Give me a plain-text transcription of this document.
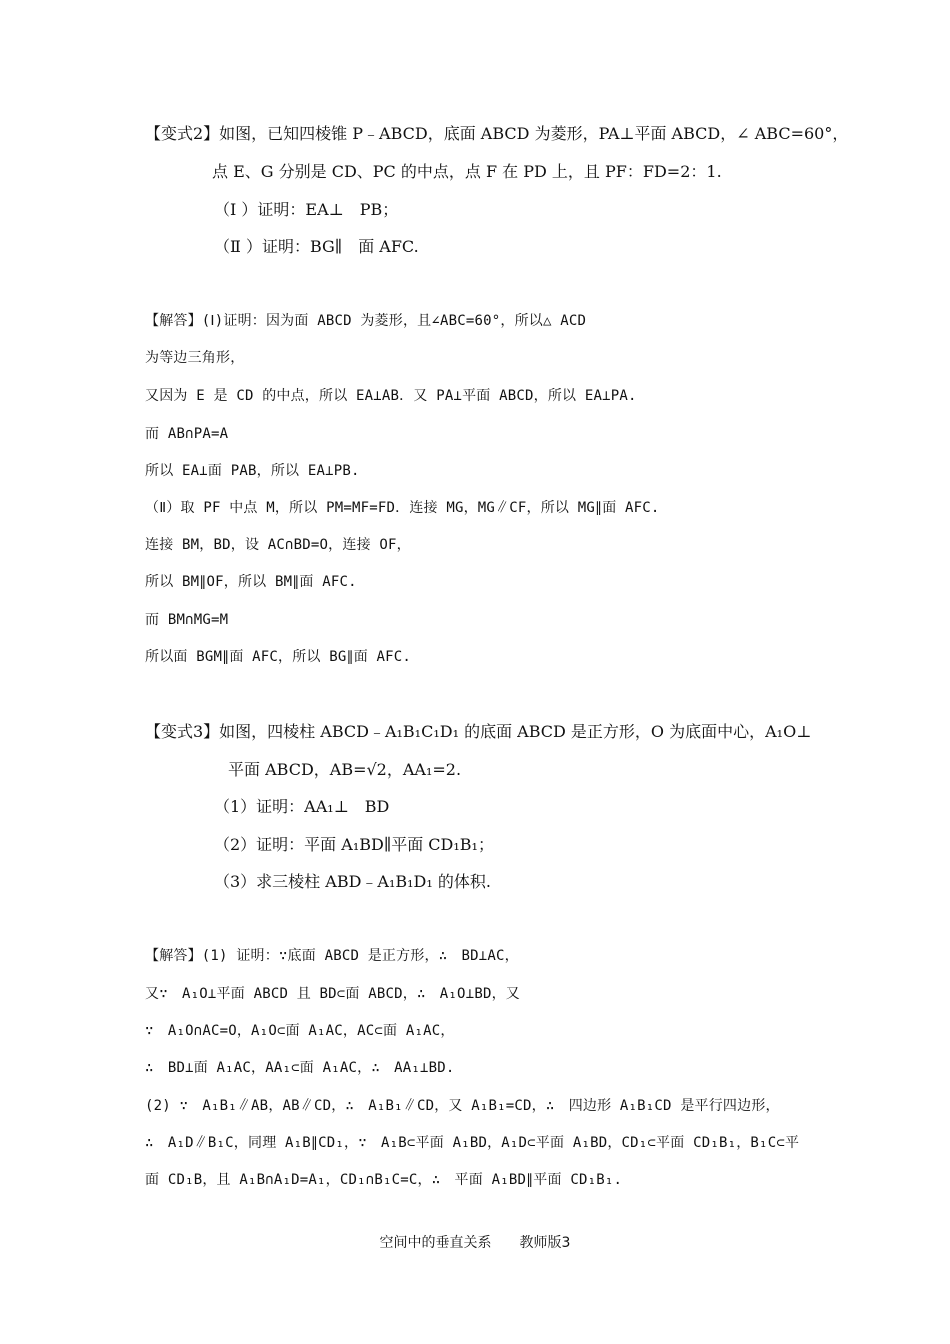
【变式2】如图，已知四棱锥 P﹣ABCD，底面 ABCD 为菱形，PA⊥平面 ABCD，∠ ABC=60°，
点 E、G 分别是 CD、PC 的中点，点 F 在 PD 上，且 PF：FD=2：1.
（Ⅰ ）证明：EA⊥　PB；
（Ⅱ ）证明：BG∥　面 AFC.
【解答】(Ⅰ)证明：因为面 ABCD 为菱形，且∠ABC=60°，所以△ ACD
为等边三角形，
又因为 E 是 CD 的中点，所以 EA⊥AB．又 PA⊥平面 ABCD，所以 EA⊥PA.
而 AB∩PA=A
所以 EA⊥面 PAB，所以 EA⊥PB.
（Ⅱ）取 PF 中点 M，所以 PM=MF=FD．连接 MG，MG∥CF，所以 MG∥面 AFC.
连接 BM，BD，设 AC∩BD=O，连接 OF，
所以 BM∥OF，所以 BM∥面 AFC.
而 BM∩MG=M
所以面 BGM∥面 AFC，所以 BG∥面 AFC.
【变式3】如图，四棱柱 ABCD﹣A₁B₁C₁D₁ 的底面 ABCD 是正方形，O 为底面中心，A₁O⊥
平面 ABCD，AB=√2，AA₁=2.
（1）证明：AA₁⊥　BD
（2）证明：平面 A₁BD∥平面 CD₁B₁；
（3）求三棱柱 ABD﹣A₁B₁D₁ 的体积.
【解答】(1) 证明：∵底面 ABCD 是正方形，∴　BD⊥AC，
又∵　A₁O⊥平面 ABCD 且 BD⊂面 ABCD，∴　A₁O⊥BD，又
∵　A₁O∩AC=O，A₁O⊂面 A₁AC，AC⊂面 A₁AC，
∴　BD⊥面 A₁AC，AA₁⊂面 A₁AC，∴　AA₁⊥BD.
(2) ∵　A₁B₁∥AB，AB∥CD，∴　A₁B₁∥CD，又 A₁B₁=CD，∴　四边形 A₁B₁CD 是平行四边形，
∴　A₁D∥B₁C，同理 A₁B∥CD₁，∵　A₁B⊂平面 A₁BD，A₁D⊂平面 A₁BD，CD₁⊂平面 CD₁B₁，B₁C⊂平
面 CD₁B，且 A₁B∩A₁D=A₁，CD₁∩B₁C=C，∴　平面 A₁BD∥平面 CD₁B₁.
空间中的垂直关系　　教师版3
